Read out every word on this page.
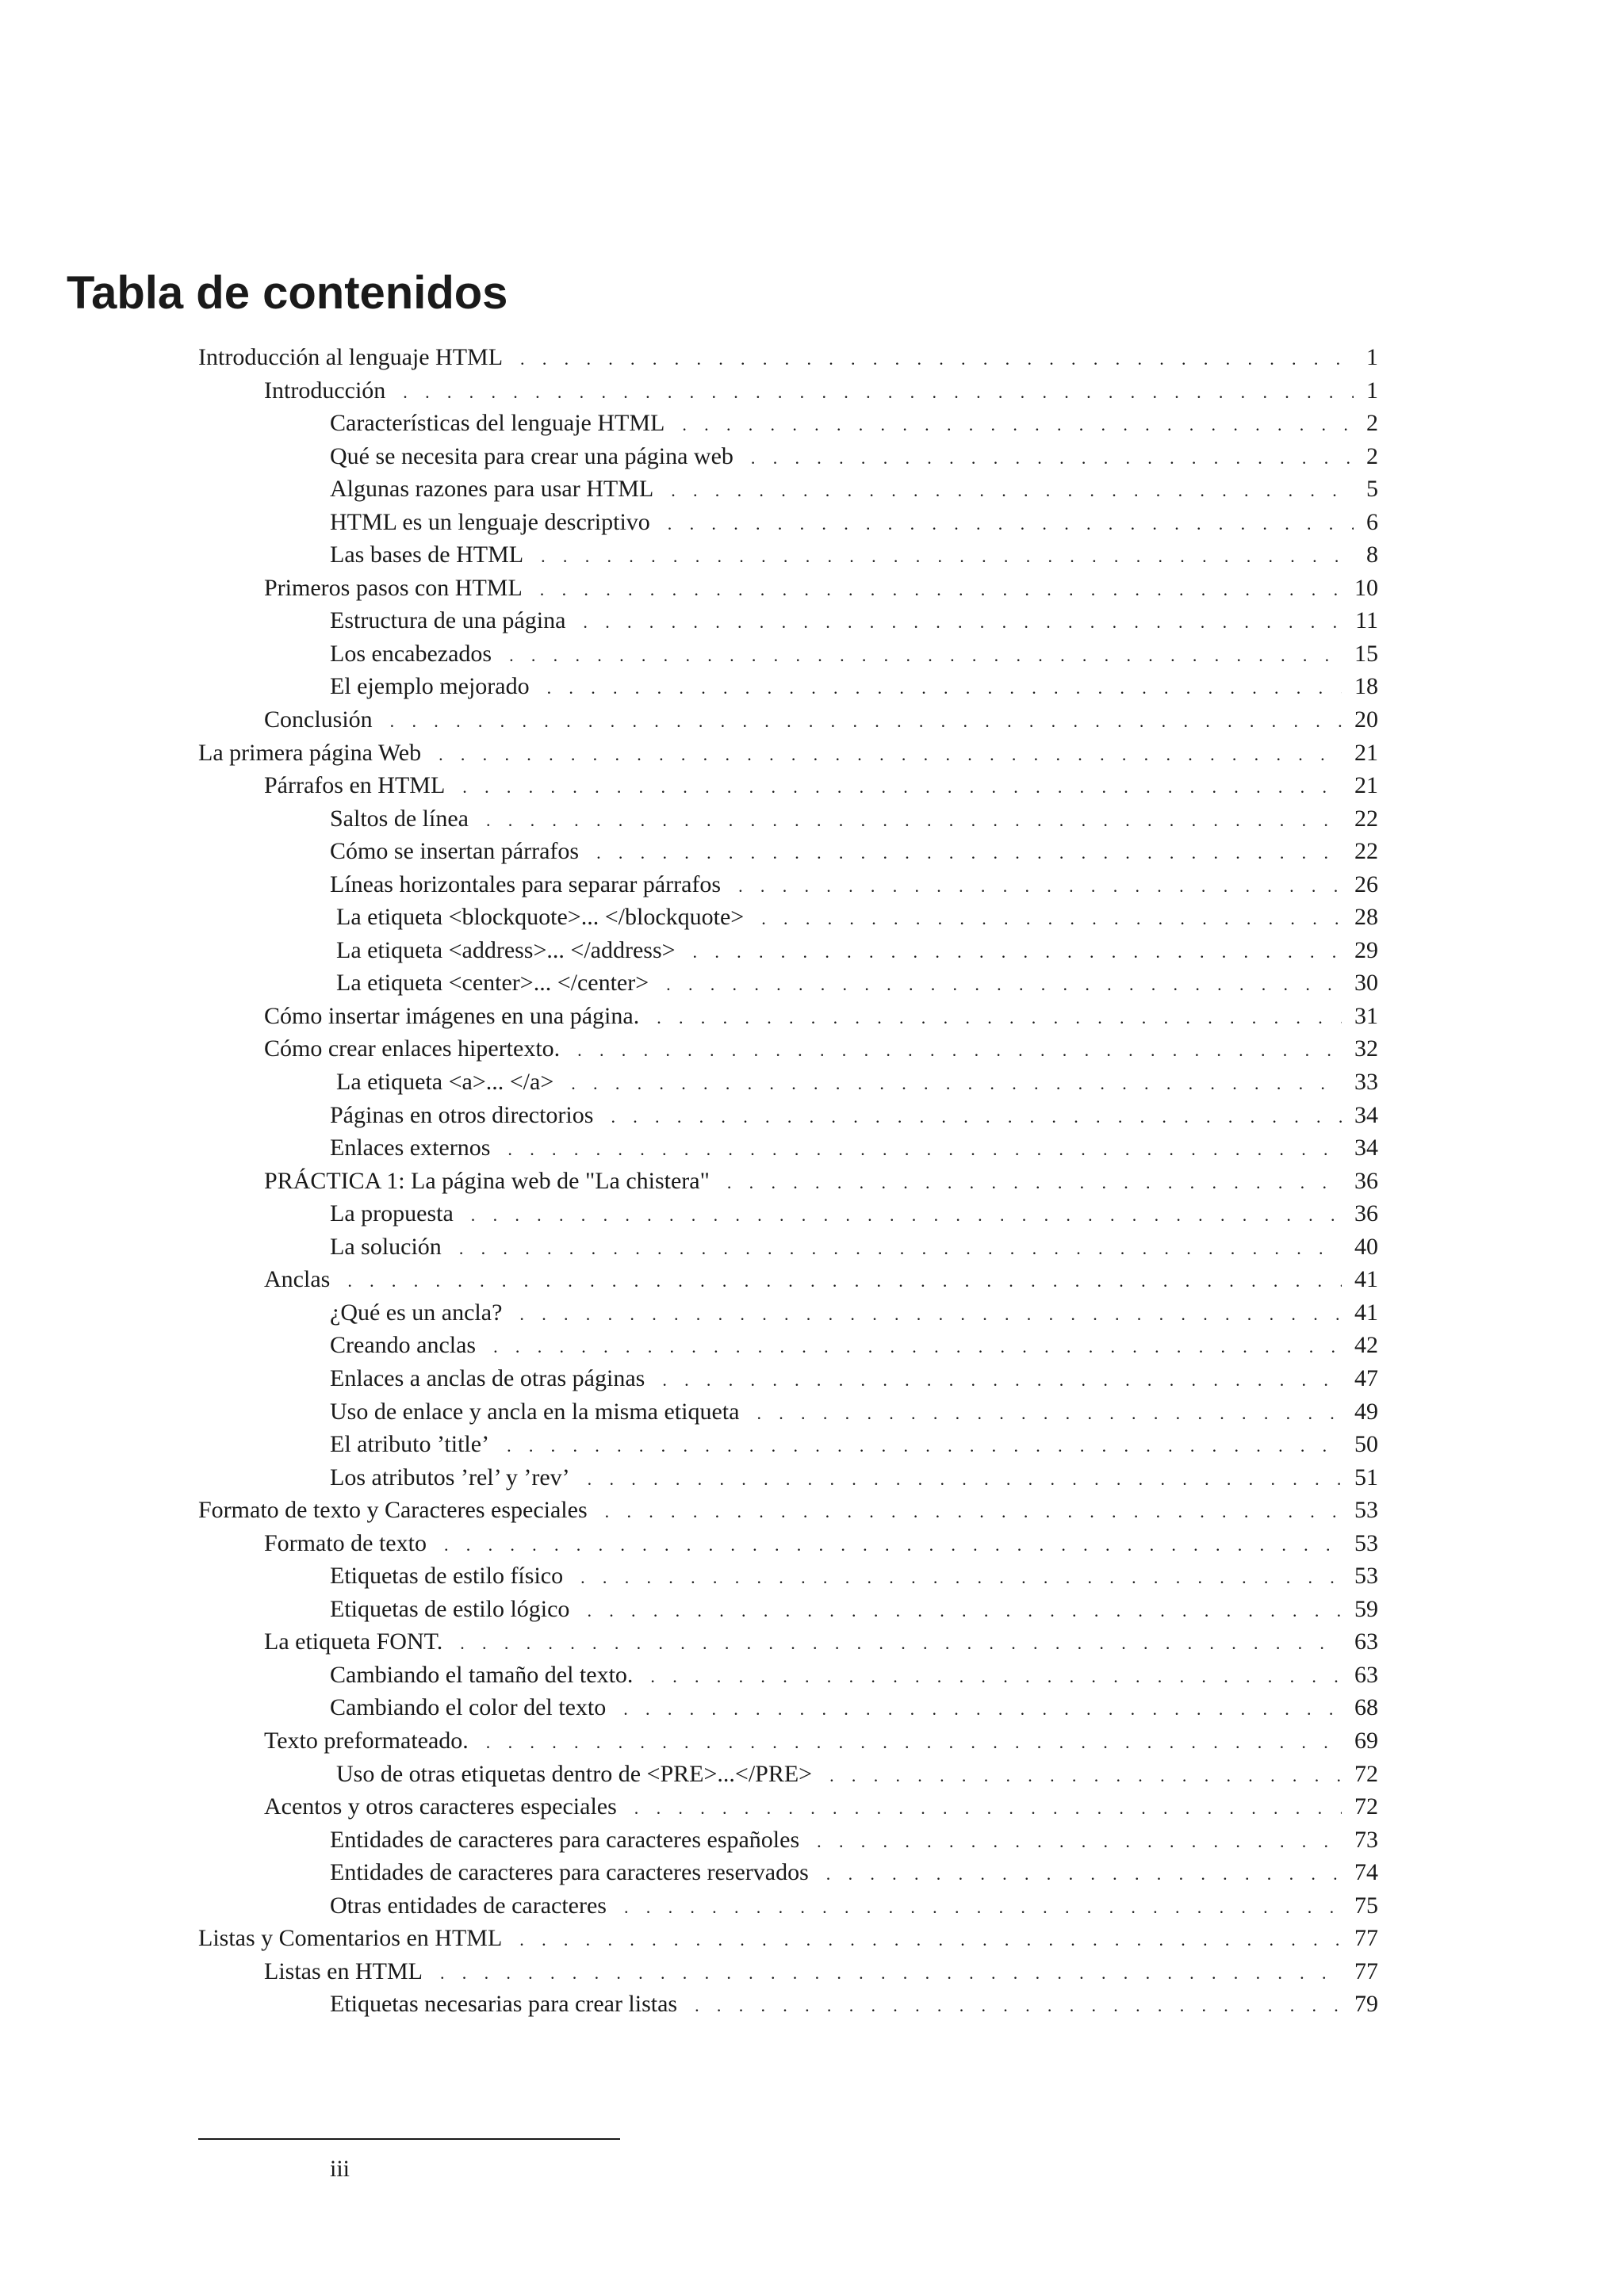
Tabla de contenidos
Introducción al lenguaje HTML . . .	1
Introducción . . .	1
Características del lenguaje HTML . . .	2
Qué se necesita para crear una página web . . .	2
Algunas razones para usar HTML . . .	5
HTML es un lenguaje descriptivo . . .	6
Las bases de HTML . . .	8
Primeros pasos con HTML . . .	10
Estructura de una página . . .	11
Los encabezados . . .	15
El ejemplo mejorado . . .	18
Conclusión . . .	20
La primera página Web . . .	21
Párrafos en HTML . . .	21
Saltos de línea . . .	22
Cómo se insertan párrafos . . .	22
Líneas horizontales para separar párrafos . . .	26
La etiqueta <blockquote>... </blockquote> . . .	28
La etiqueta <address>... </address> . . .	29
La etiqueta <center>... </center> . . .	30
Cómo insertar imágenes en una página. . . .	31
Cómo crear enlaces hipertexto. . . .	32
La etiqueta <a>... </a> . . .	33
Páginas en otros directorios . . .	34
Enlaces externos . . .	34
PRÁCTICA 1: La página web de "La chistera" . . .	36
La propuesta . . .	36
La solución . . .	40
Anclas . . .	41
¿Qué es un ancla? . . .	41
Creando anclas . . .	42
Enlaces a anclas de otras páginas . . .	47
Uso de enlace y ancla en la misma etiqueta . . .	49
El atributo ’title’ . . .	50
Los atributos ’rel’ y ’rev’ . . .	51
Formato de texto y Caracteres especiales . . .	53
Formato de texto . . .	53
Etiquetas de estilo físico . . .	53
Etiquetas de estilo lógico . . .	59
La etiqueta FONT. . . .	63
Cambiando el tamaño del texto. . . .	63
Cambiando el color del texto . . .	68
Texto preformateado. . . .	69
Uso de otras etiquetas dentro de <PRE>...</PRE> . . .	72
Acentos y otros caracteres especiales . . .	72
Entidades de caracteres para caracteres españoles . . .	73
Entidades de caracteres para caracteres reservados . . .	74
Otras entidades de caracteres . . .	75
Listas y Comentarios en HTML . . .	77
Listas en HTML . . .	77
Etiquetas necesarias para crear listas . . .	79
iii
